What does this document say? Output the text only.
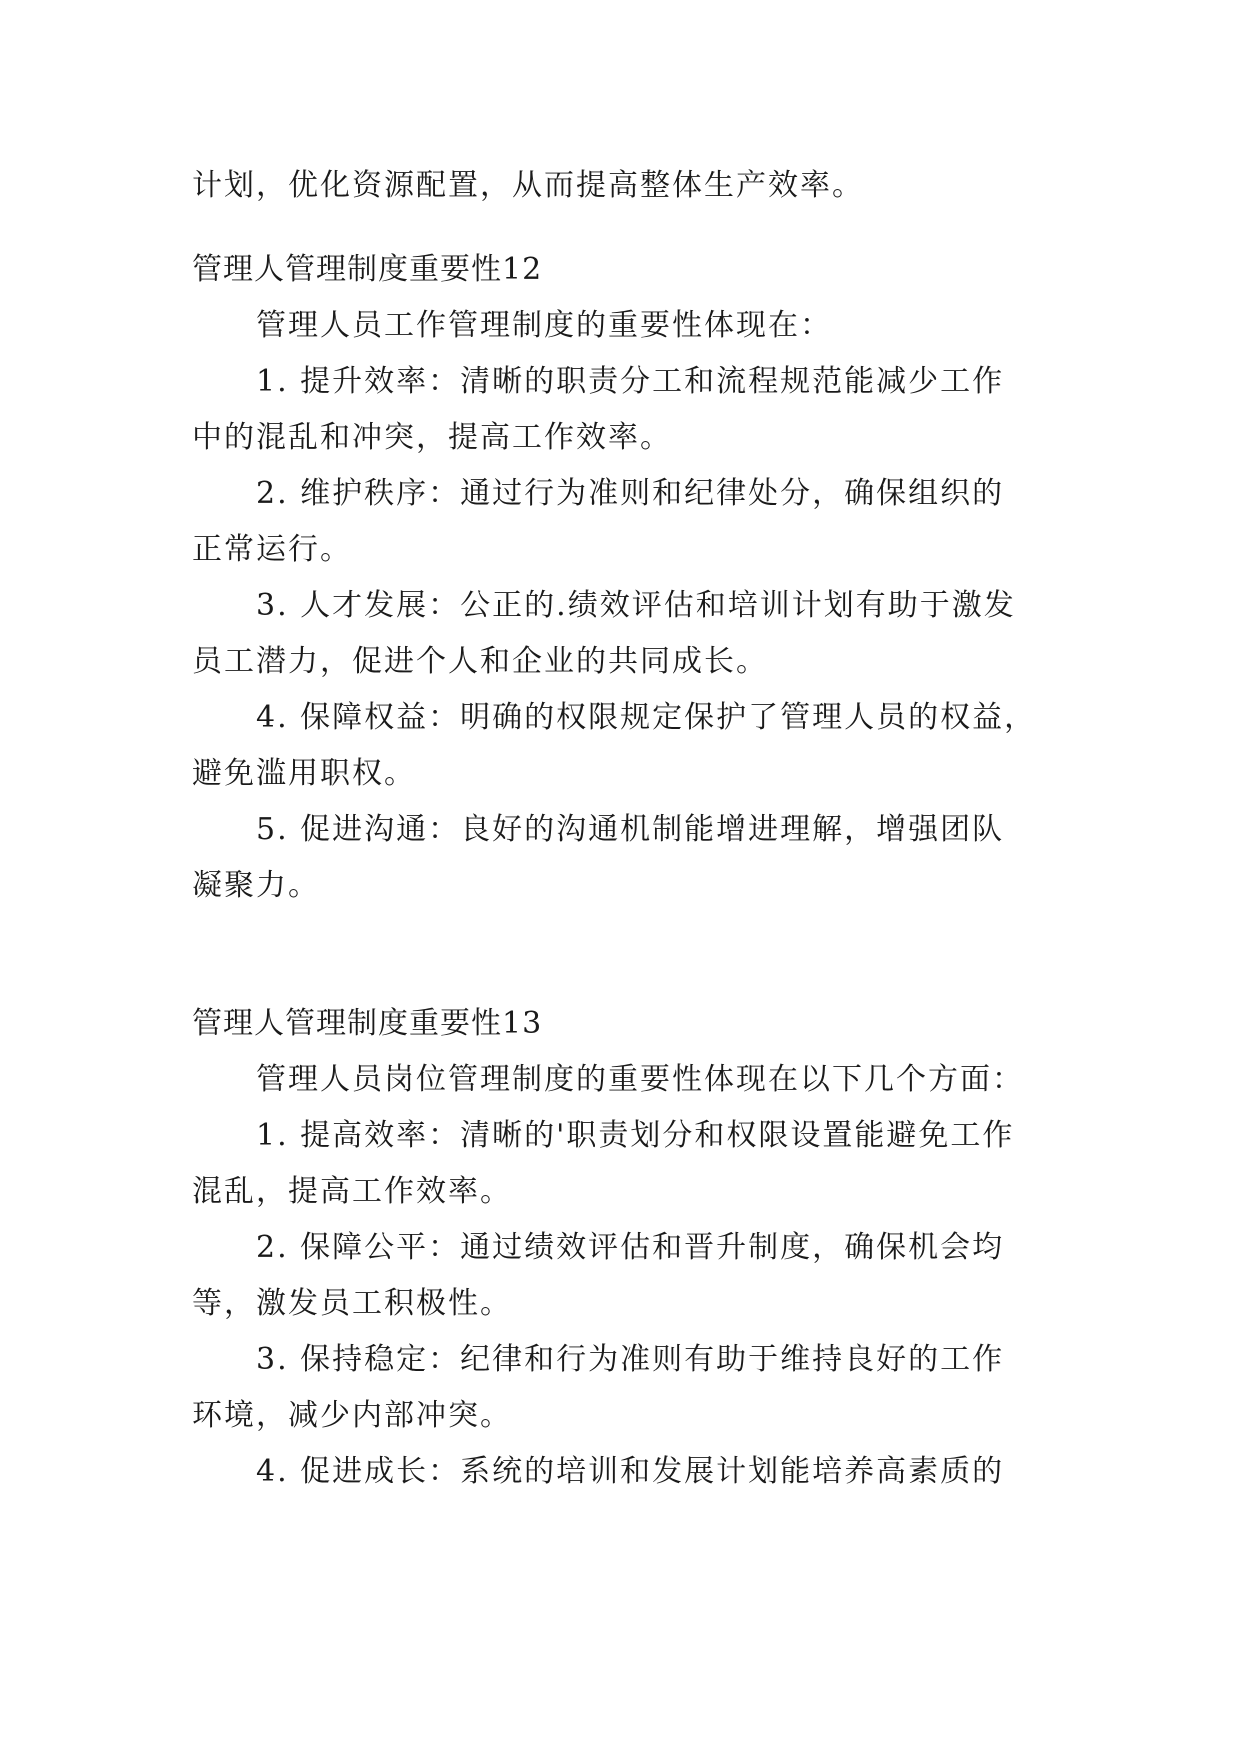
计划，优化资源配置，从而提高整体生产效率。

管理人管理制度重要性12

管理人员工作管理制度的重要性体现在：

1. 提升效率：清晰的职责分工和流程规范能减少工作

中的混乱和冲突，提高工作效率。

2. 维护秩序：通过行为准则和纪律处分，确保组织的

正常运行。

3. 人才发展：公正的.绩效评估和培训计划有助于激发

员工潜力，促进个人和企业的共同成长。

4. 保障权益：明确的权限规定保护了管理人员的权益，

避免滥用职权。

5. 促进沟通：良好的沟通机制能增进理解，增强团队

凝聚力。

管理人管理制度重要性13

管理人员岗位管理制度的重要性体现在以下几个方面：

1. 提高效率：清晰的'职责划分和权限设置能避免工作

混乱，提高工作效率。

2. 保障公平：通过绩效评估和晋升制度，确保机会均

等，激发员工积极性。

3. 保持稳定：纪律和行为准则有助于维持良好的工作

环境，减少内部冲突。

4. 促进成长：系统的培训和发展计划能培养高素质的
